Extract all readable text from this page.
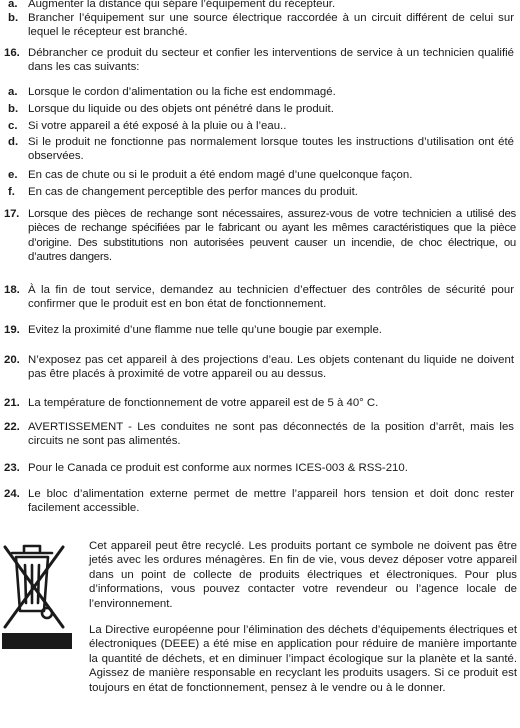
a. Augmenter la distance qui sépare l’équipement du récepteur.
b. Brancher l’équipement sur une source électrique raccordée à un circuit différent de celui sur lequel le récepteur est branché.
16. Débrancher ce produit du secteur et confier les interventions de service à un technicien qualifié dans les cas suivants:
a. Lorsque le cordon d’alimentation ou la fiche est endommagé.
b. Lorsque du liquide ou des objets ont pénétré dans le produit.
c. Si votre appareil a été exposé à la pluie ou à l’eau..
d. Si le produit ne fonctionne pas normalement lorsque toutes les instructions d’utilisation ont été observées.
e. En cas de chute ou si le produit a été endom magé d’une quelconque façon.
f. En cas de changement perceptible des perfor mances du produit.
17. Lorsque des pièces de rechange sont nécessaires, assurez-vous de votre technicien a utilisé des pièces de rechange spécifiées par le fabricant ou ayant les mêmes caractéristiques que la pièce d’origine. Des substitutions non autorisées peuvent causer un incendie, de choc électrique, ou d’autres dangers.
18. À la fin de tout service, demandez au technicien d’effectuer des contrôles de sécurité pour confirmer que le produit est en bon état de fonctionnement.
19. Evitez la proximité d’une flamme nue telle qu’une bougie par exemple.
20. N’exposez pas cet appareil à des projections d’eau. Les objets contenant du liquide ne doivent pas être placés à proximité de votre appareil ou au dessus.
21. La température de fonctionnement de votre appareil est de 5 à 40° C.
22. AVERTISSEMENT - Les conduites ne sont pas déconnectés de la position d’arrêt, mais les circuits ne sont pas alimentés.
23. Pour le Canada ce produit est conforme aux normes ICES-003 & RSS-210.
24. Le bloc d’alimentation externe permet de mettre l’appareil hors tension et doit donc rester facilement accessible.

Cet appareil peut être recyclé. Les produits portant ce symbole ne doivent pas être jetés avec les ordures ménagères. En fin de vie, vous devez déposer votre appareil dans un point de collecte de produits électriques et électroniques. Pour plus d’informations, vous pouvez contacter votre revendeur ou l’agence locale de l’environnement.

La Directive européenne pour l’élimination des déchets d’équipements électriques et électroniques (DEEE) a été mise en application pour réduire de manière importante la quantité de déchets, et en diminuer l’impact écologique sur la planète et la santé. Agissez de manière responsable en recyclant les produits usagers. Si ce produit est toujours en état de fonctionnement, pensez à le vendre ou à le donner.
